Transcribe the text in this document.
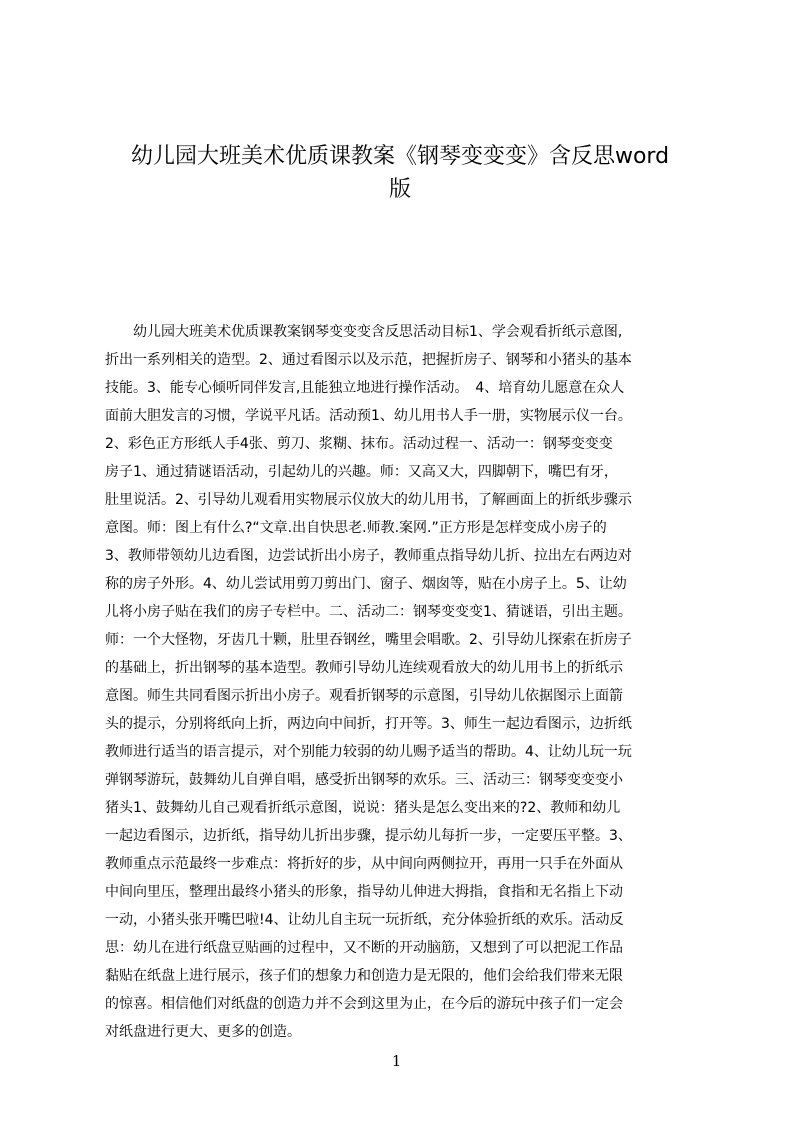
幼儿园大班美术优质课教案《钢琴变变变》含反思word
版
　　幼儿园大班美术优质课教案钢琴变变变含反思活动目标1、学会观看折纸示意图,
折出一系列相关的造型。2、通过看图示以及示范，把握折房子、钢琴和小猪头的基本
技能。3、能专心倾听同伴发言,且能独立地进行操作活动。　4、培育幼儿愿意在众人
面前大胆发言的习惯，学说平凡话。活动预1、幼儿用书人手一册，实物展示仪一台。
2、彩色正方形纸人手4张、剪刀、浆糊、抹布。活动过程一、活动一：钢琴变变变
房子1、通过猜谜语活动，引起幼儿的兴趣。师：又高又大，四脚朝下，嘴巴有牙，
肚里说活。2、引导幼儿观看用实物展示仪放大的幼儿用书，了解画面上的折纸步骤示
意图。师：图上有什么?“文章.出自快思老.师教.案网.”正方形是怎样变成小房子的
3、教师带领幼儿边看图，边尝试折出小房子，教师重点指导幼儿折、拉出左右两边对
称的房子外形。4、幼儿尝试用剪刀剪出门、窗子、烟囱等，贴在小房子上。5、让幼
儿将小房子贴在我们的房子专栏中。二、活动二：钢琴变变变1、猜谜语，引出主题。
师：一个大怪物，牙齿几十颗，肚里吞钢丝，嘴里会唱歌。2、引导幼儿探索在折房子
的基础上，折出钢琴的基本造型。教师引导幼儿连续观看放大的幼儿用书上的折纸示
意图。师生共同看图示折出小房子。观看折钢琴的示意图，引导幼儿依据图示上面箭
头的提示，分别将纸向上折，两边向中间折，打开等。3、师生一起边看图示，边折纸
教师进行适当的语言提示，对个别能力较弱的幼儿赐予适当的帮助。4、让幼儿玩一玩
弹钢琴游玩，鼓舞幼儿自弹自唱，感受折出钢琴的欢乐。三、活动三：钢琴变变变小
猪头1、鼓舞幼儿自己观看折纸示意图，说说：猪头是怎么变出来的?2、教师和幼儿
一起边看图示，边折纸，指导幼儿折出步骤，提示幼儿每折一步，一定要压平整。3、
教师重点示范最终一步难点：将折好的步，从中间向两侧拉开，再用一只手在外面从
中间向里压，整理出最终小猪头的形象，指导幼儿伸进大拇指，食指和无名指上下动
一动，小猪头张开嘴巴啦!4、让幼儿自主玩一玩折纸，充分体验折纸的欢乐。活动反
思：幼儿在进行纸盘豆贴画的过程中，又不断的开动脑筋，又想到了可以把泥工作品
黏贴在纸盘上进行展示，孩子们的想象力和创造力是无限的，他们会给我们带来无限
的惊喜。相信他们对纸盘的创造力并不会到这里为止，在今后的游玩中孩子们一定会
对纸盘进行更大、更多的创造。
1
